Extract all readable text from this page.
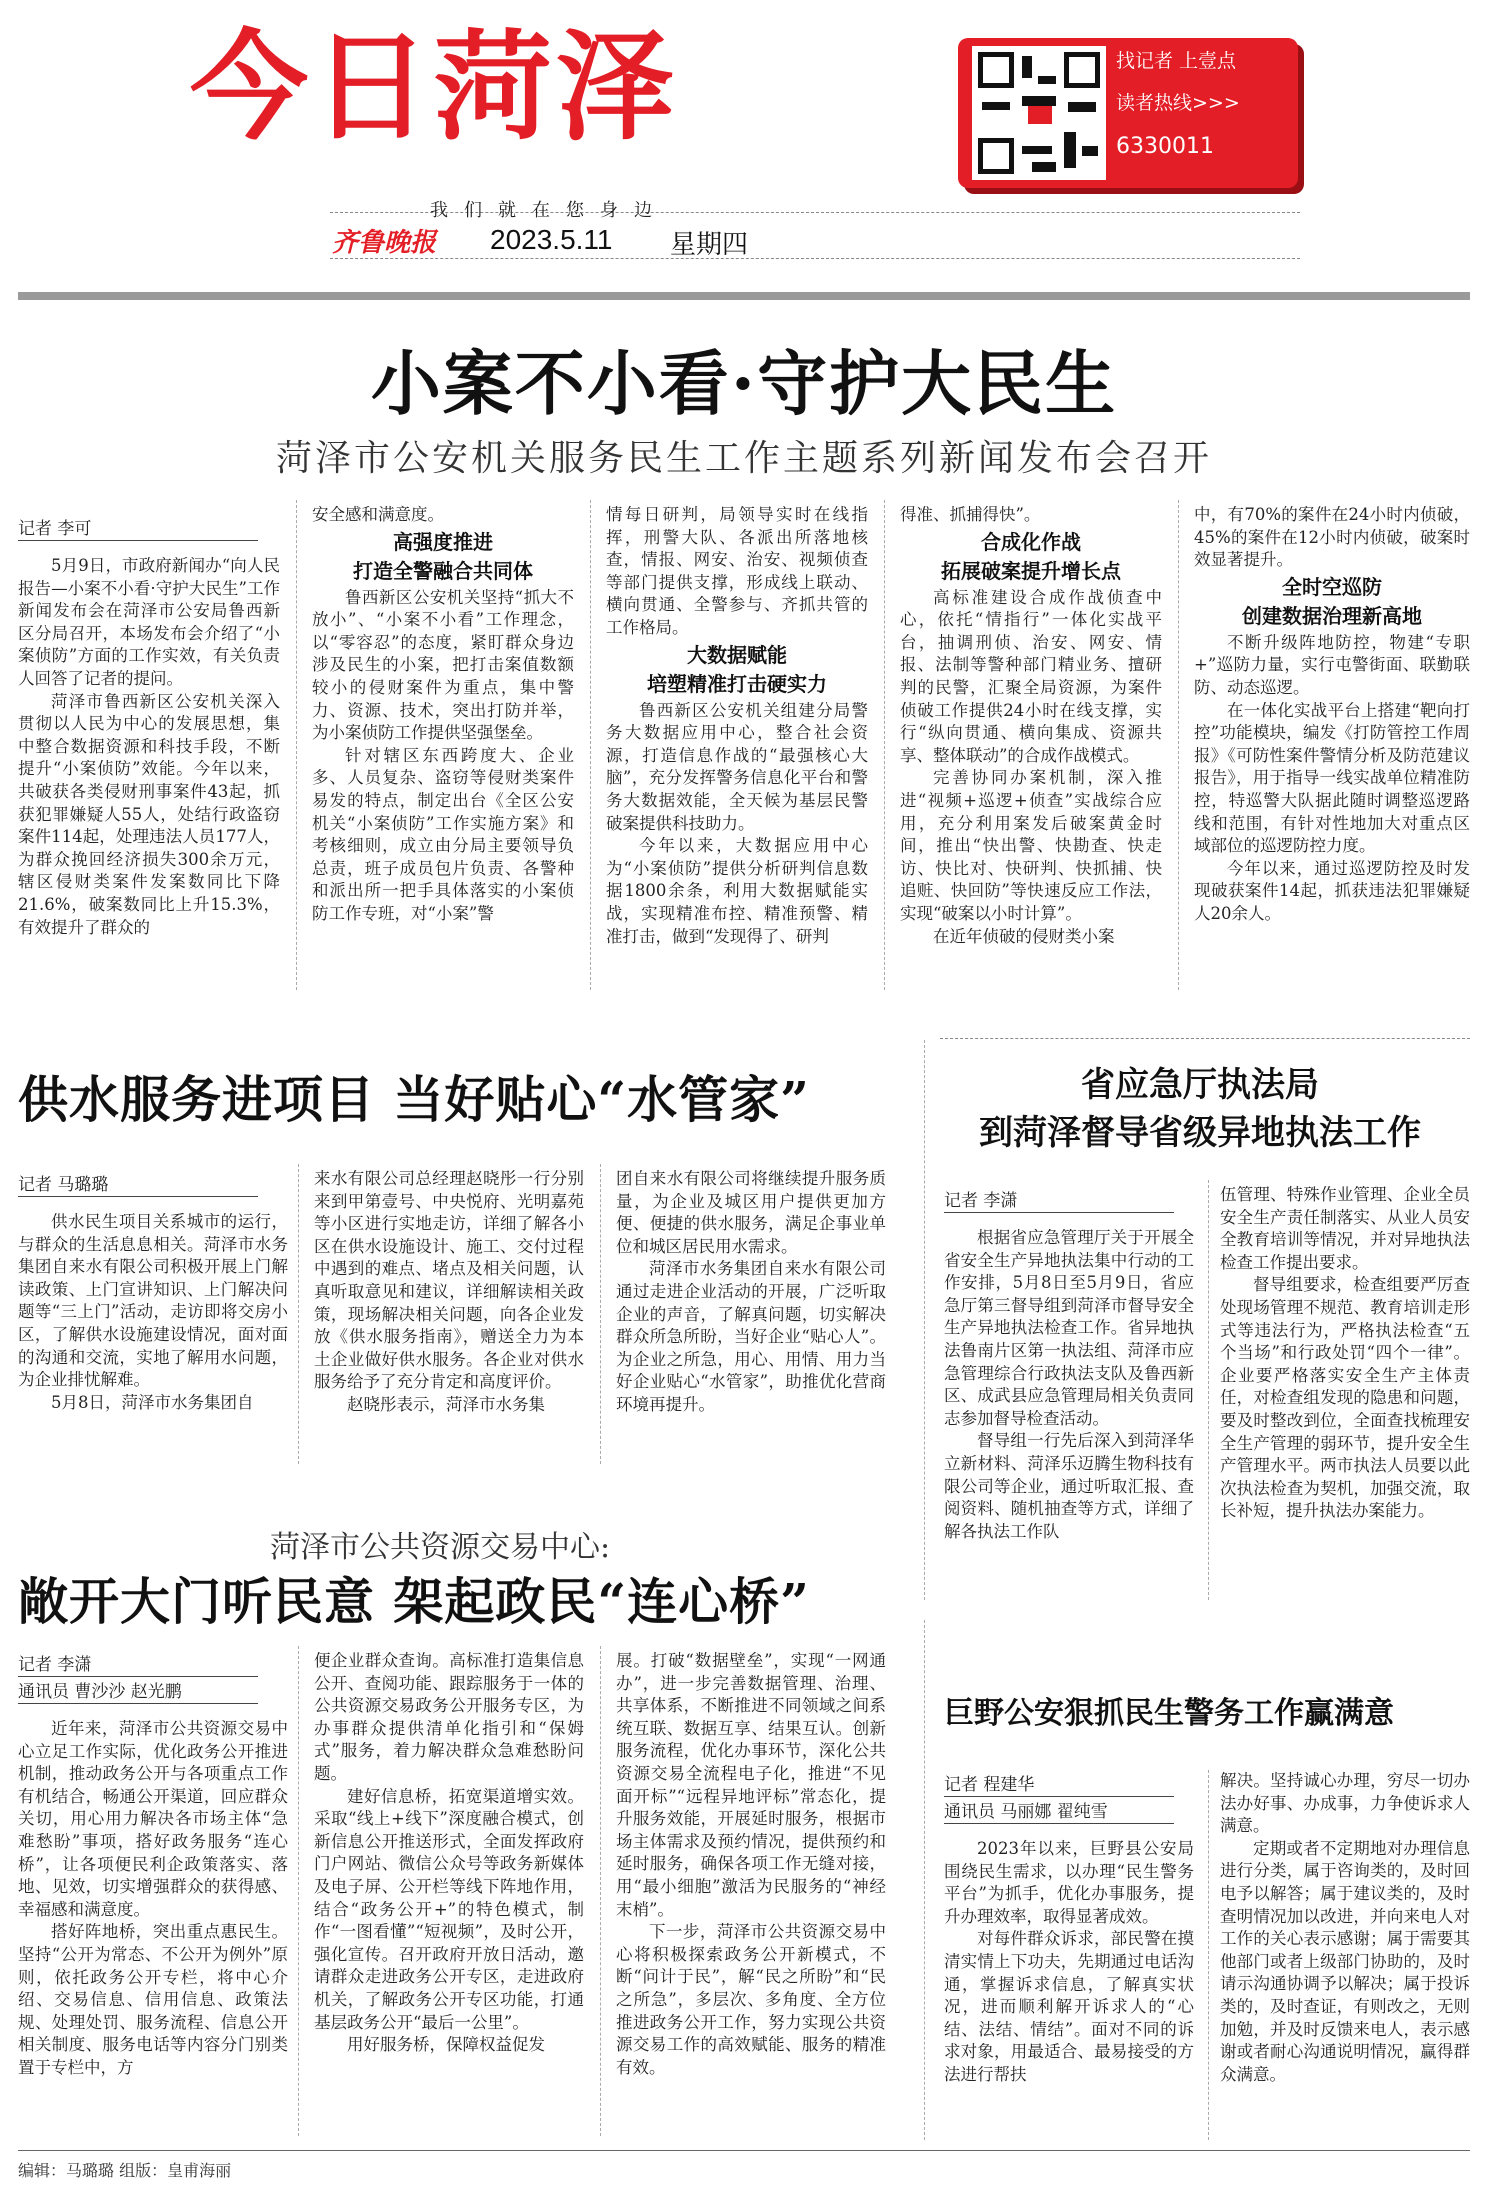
今日菏泽	找记者 上壹点
读者热线>>>
6330011
我们就在您身边
齐鲁晚报 2023.5.11 星期四
小案不小看·守护大民生
菏泽市公安机关服务民生工作主题系列新闻发布会召开
记者 李可

5月9日，市政府新闻办“向人民报告—小案不小看·守护大民生”工作新闻发布会在菏泽市公安局鲁西新区分局召开，本场发布会介绍了“小案侦防”方面的工作实效，有关负责人回答了记者的提问。

菏泽市鲁西新区公安机关深入贯彻以人民为中心的发展思想，集中整合数据资源和科技手段，不断提升“小案侦防”效能。今年以来，共破获各类侵财刑事案件43起，抓获犯罪嫌疑人55人，处结行政盗窃案件114起，处理违法人员177人，为群众挽回经济损失300余万元，辖区侵财类案件发案数同比下降21.6%，破案数同比上升15.3%，有效提升了群众的

安全感和满意度。

高强度推进
打造全警融合共同体

鲁西新区公安机关坚持“抓大不放小”、“小案不小看”工作理念，以“零容忍”的态度，紧盯群众身边涉及民生的小案，把打击案值数额较小的侵财案件为重点，集中警力、资源、技术，突出打防并举，为小案侦防工作提供坚强堡垒。

针对辖区东西跨度大、企业多、人员复杂、盗窃等侵财类案件易发的特点，制定出台《全区公安机关“小案侦防”工作实施方案》和考核细则，成立由分局主要领导负总责，班子成员包片负责、各警种和派出所一把手具体落实的小案侦防工作专班，对“小案”警

情每日研判，局领导实时在线指挥，刑警大队、各派出所落地核查，情报、网安、治安、视频侦查等部门提供支撑，形成线上联动、横向贯通、全警参与、齐抓共管的工作格局。

大数据赋能
培塑精准打击硬实力

鲁西新区公安机关组建分局警务大数据应用中心，整合社会资源，打造信息作战的“最强核心大脑”，充分发挥警务信息化平台和警务大数据效能，全天候为基层民警破案提供科技助力。

今年以来，大数据应用中心为“小案侦防”提供分析研判信息数据1800余条，利用大数据赋能实战，实现精准布控、精准预警、精准打击，做到“发现得了、研判

得准、抓捕得快”。

合成化作战
拓展破案提升增长点

高标准建设合成作战侦查中心，依托“情指行”一体化实战平台，抽调刑侦、治安、网安、情报、法制等警种部门精业务、擅研判的民警，汇聚全局资源，为案件侦破工作提供24小时在线支撑，实行“纵向贯通、横向集成、资源共享、整体联动”的合成作战模式。

完善协同办案机制，深入推进“视频+巡逻+侦查”实战综合应用，充分利用案发后破案黄金时间，推出“快出警、快勘查、快走访、快比对、快研判、快抓捕、快追赃、快回防”等快速反应工作法，实现“破案以小时计算”。

在近年侦破的侵财类小案

中，有70%的案件在24小时内侦破，45%的案件在12小时内侦破，破案时效显著提升。

全时空巡防
创建数据治理新高地

不断升级阵地防控，物建“专职+”巡防力量，实行屯警街面、联勤联防、动态巡逻。

在一体化实战平台上搭建“靶向打控”功能模块，编发《打防管控工作周报》《可防性案件警情分析及防范建议报告》，用于指导一线实战单位精准防控，特巡警大队据此随时调整巡逻路线和范围，有针对性地加大对重点区域部位的巡逻防控力度。

今年以来，通过巡逻防控及时发现破获案件14起，抓获违法犯罪嫌疑人20余人。

供水服务进项目 当好贴心“水管家”
记者 马璐璐

供水民生项目关系城市的运行，与群众的生活息息相关。菏泽市水务集团自来水有限公司积极开展上门解读政策、上门宣讲知识、上门解决问题等“三上门”活动，走访即将交房小区，了解供水设施建设情况，面对面的沟通和交流，实地了解用水问题，为企业排忧解难。

5月8日，菏泽市水务集团自

来水有限公司总经理赵晓彤一行分别来到甲第壹号、中央悦府、光明嘉苑等小区进行实地走访，详细了解各小区在供水设施设计、施工、交付过程中遇到的难点、堵点及相关问题，认真听取意见和建议，详细解读相关政策，现场解决相关问题，向各企业发放《供水服务指南》，赠送全力为本土企业做好供水服务。各企业对供水服务给予了充分肯定和高度评价。

赵晓彤表示，菏泽市水务集

团自来水有限公司将继续提升服务质量，为企业及城区用户提供更加方便、便捷的供水服务，满足企事业单位和城区居民用水需求。

菏泽市水务集团自来水有限公司通过走进企业活动的开展，广泛听取企业的声音，了解真问题，切实解决群众所急所盼，当好企业“贴心人”。为企业之所急，用心、用情、用力当好企业贴心“水管家”，助推优化营商环境再提升。

省应急厅执法局
到菏泽督导省级异地执法工作
记者 李潇

根据省应急管理厅关于开展全省安全生产异地执法集中行动的工作安排，5月8日至5月9日，省应急厅第三督导组到菏泽市督导安全生产异地执法检查工作。省异地执法鲁南片区第一执法组、菏泽市应急管理综合行政执法支队及鲁西新区、成武县应急管理局相关负责同志参加督导检查活动。

督导组一行先后深入到菏泽华立新材料、菏泽乐迈腾生物科技有限公司等企业，通过听取汇报、查阅资料、随机抽查等方式，详细了解各执法工作队

伍管理、特殊作业管理、企业全员安全生产责任制落实、从业人员安全教育培训等情况，并对异地执法检查工作提出要求。

督导组要求，检查组要严厉查处现场管理不规范、教育培训走形式等违法行为，严格执法检查“五个当场”和行政处罚“四个一律”。企业要严格落实安全生产主体责任，对检查组发现的隐患和问题，要及时整改到位，全面查找梳理安全生产管理的弱环节，提升安全生产管理水平。两市执法人员要以此次执法检查为契机，加强交流，取长补短，提升执法办案能力。

菏泽市公共资源交易中心:
敞开大门听民意 架起政民“连心桥”
记者 李潇
通讯员 曹沙沙 赵光鹏

近年来，菏泽市公共资源交易中心立足工作实际，优化政务公开推进机制，推动政务公开与各项重点工作有机结合，畅通公开渠道，回应群众关切，用心用力解决各市场主体“急难愁盼”事项，搭好政务服务“连心桥”，让各项便民利企政策落实、落地、见效，切实增强群众的获得感、幸福感和满意度。

搭好阵地桥，突出重点惠民生。坚持“公开为常态、不公开为例外”原则，依托政务公开专栏，将中心介绍、交易信息、信用信息、政策法规、处理处罚、服务流程、信息公开相关制度、服务电话等内容分门别类置于专栏中，方

便企业群众查询。高标准打造集信息公开、查阅功能、跟踪服务于一体的公共资源交易政务公开服务专区，为办事群众提供清单化指引和“保姆式”服务，着力解决群众急难愁盼问题。

建好信息桥，拓宽渠道增实效。采取“线上+线下”深度融合模式，创新信息公开推送形式，全面发挥政府门户网站、微信公众号等政务新媒体及电子屏、公开栏等线下阵地作用，结合“政务公开+”的特色模式，制作“一图看懂”“短视频”，及时公开，强化宣传。召开政府开放日活动，邀请群众走进政务公开专区，走进政府机关，了解政务公开专区功能，打通基层政务公开“最后一公里”。

用好服务桥，保障权益促发

展。打破“数据壁垒”，实现“一网通办”，进一步完善数据管理、治理、共享体系，不断推进不同领域之间系统互联、数据互享、结果互认。创新服务流程，优化办事环节，深化公共资源交易全流程电子化，推进“不见面开标”“远程异地评标”常态化，提升服务效能，开展延时服务，根据市场主体需求及预约情况，提供预约和延时服务，确保各项工作无缝对接，用“最小细胞”激活为民服务的“神经末梢”。

下一步，菏泽市公共资源交易中心将积极探索政务公开新模式，不断“问计于民”，解“民之所盼”和“民之所急”，多层次、多角度、全方位推进政务公开工作，努力实现公共资源交易工作的高效赋能、服务的精准有效。

巨野公安狠抓民生警务工作赢满意
记者 程建华
通讯员 马丽娜 翟纯雪

2023年以来，巨野县公安局围绕民生需求，以办理“民生警务平台”为抓手，优化办事服务，提升办理效率，取得显著成效。

对每件群众诉求，部民警在摸清实情上下功夫，先期通过电话沟通，掌握诉求信息，了解真实状况，进而顺利解开诉求人的“心结、法结、情结”。面对不同的诉求对象，用最适合、最易接受的方法进行帮扶

解决。坚持诚心办理，穷尽一切办法办好事、办成事，力争使诉求人满意。

定期或者不定期地对办理信息进行分类，属于咨询类的，及时回电予以解答；属于建议类的，及时查明情况加以改进，并向来电人对工作的关心表示感谢；属于需要其他部门或者上级部门协助的，及时请示沟通协调予以解决；属于投诉类的，及时查证，有则改之，无则加勉，并及时反馈来电人，表示感谢或者耐心沟通说明情况，赢得群众满意。

编辑：马璐璐 组版：皇甫海丽
